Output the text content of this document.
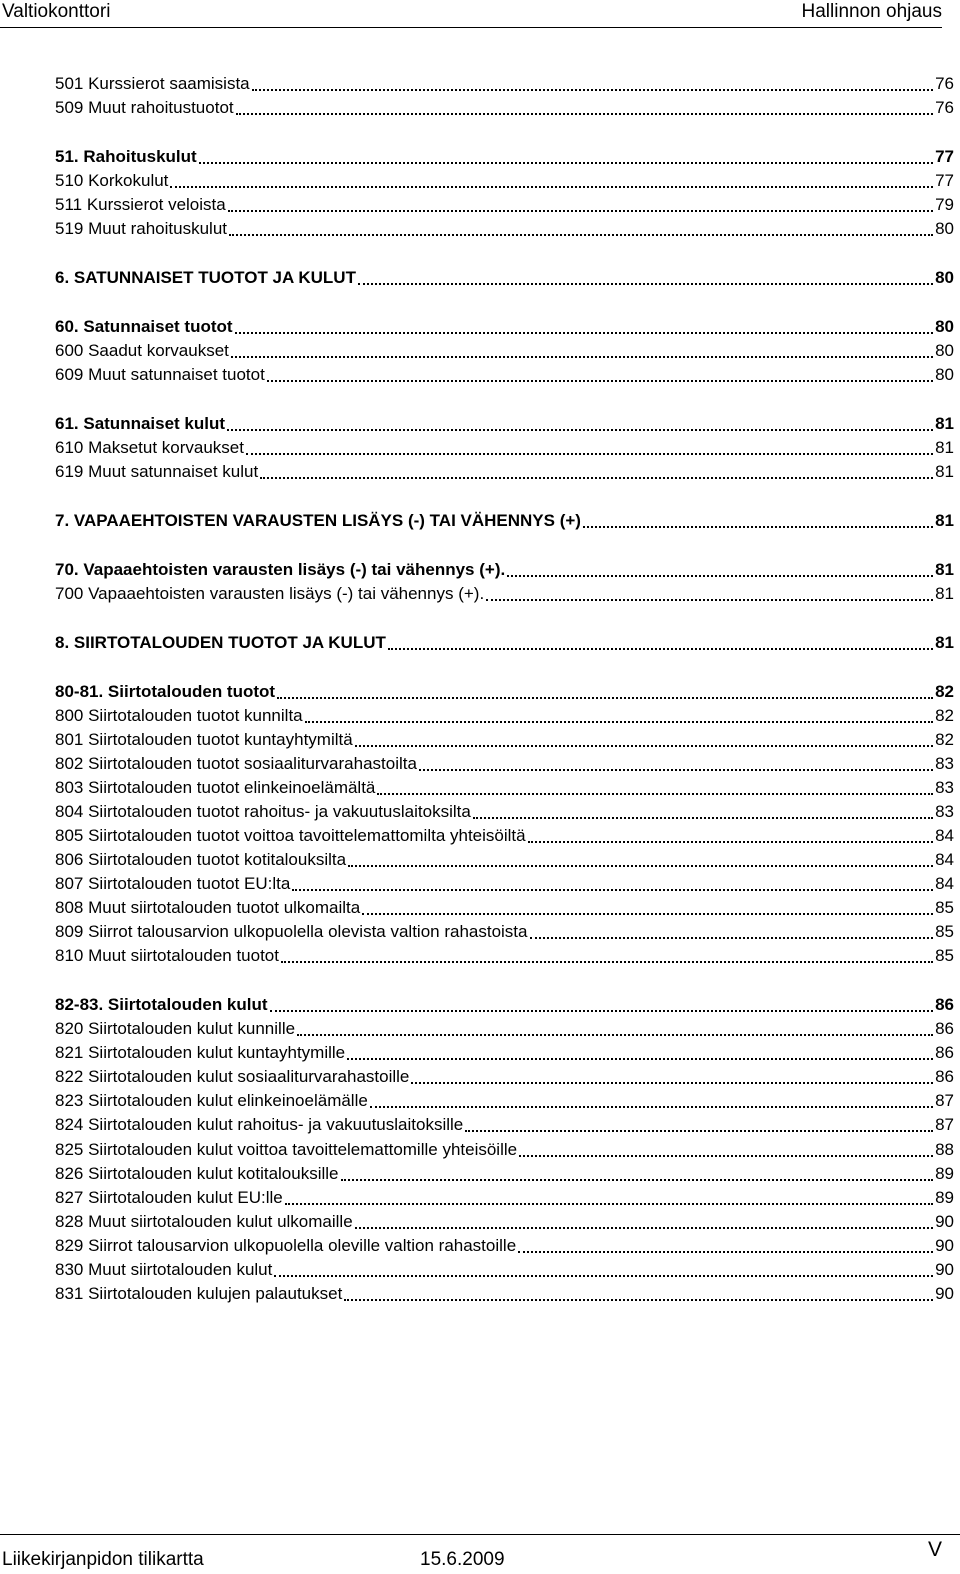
Valtiokonttori	Hallinnon ohjaus
501 Kurssierot saamisista	76
509 Muut rahoitustuotot	76
51. Rahoituskulut	77
510 Korkokulut	77
511 Kurssierot veloista	79
519 Muut rahoituskulut	80
6. SATUNNAISET TUOTOT JA KULUT	80
60. Satunnaiset tuotot	80
600 Saadut korvaukset	80
609 Muut satunnaiset tuotot	80
61. Satunnaiset kulut	81
610 Maksetut korvaukset	81
619 Muut satunnaiset kulut	81
7. VAPAAEHTOISTEN VARAUSTEN LISÄYS (-) TAI VÄHENNYS (+)	81
70. Vapaaehtoisten varausten lisäys (-) tai vähennys (+).	81
700 Vapaaehtoisten varausten lisäys (-) tai vähennys (+).	81
8. SIIRTOTALOUDEN TUOTOT JA KULUT	81
80-81. Siirtotalouden tuotot	82
800 Siirtotalouden tuotot kunnilta	82
801 Siirtotalouden tuotot kuntayhtymiltä	82
802 Siirtotalouden tuotot sosiaaliturvarahastoilta	83
803 Siirtotalouden tuotot elinkeinoelämältä	83
804 Siirtotalouden tuotot rahoitus- ja vakuutuslaitoksilta	83
805 Siirtotalouden tuotot voittoa tavoittelemattomilta yhteisöiltä	84
806 Siirtotalouden tuotot kotitalouksilta	84
807 Siirtotalouden tuotot EU:lta	84
808 Muut siirtotalouden tuotot ulkomailta	85
809 Siirrot talousarvion ulkopuolella olevista valtion rahastoista	85
810 Muut siirtotalouden tuotot	85
82-83. Siirtotalouden kulut	86
820 Siirtotalouden kulut kunnille	86
821 Siirtotalouden kulut kuntayhtymille	86
822 Siirtotalouden kulut sosiaaliturvarahastoille	86
823 Siirtotalouden kulut elinkeinoelämälle	87
824 Siirtotalouden kulut rahoitus- ja vakuutuslaitoksille	87
825 Siirtotalouden kulut voittoa tavoittelemattomille yhteisöille	88
826 Siirtotalouden kulut kotitalouksille	89
827 Siirtotalouden kulut EU:lle	89
828 Muut siirtotalouden kulut ulkomaille	90
829 Siirrot talousarvion ulkopuolella oleville valtion rahastoille	90
830 Muut siirtotalouden kulut	90
831 Siirtotalouden kulujen palautukset	90
Liikekirjanpidon tilikartta	15.6.2009	V
